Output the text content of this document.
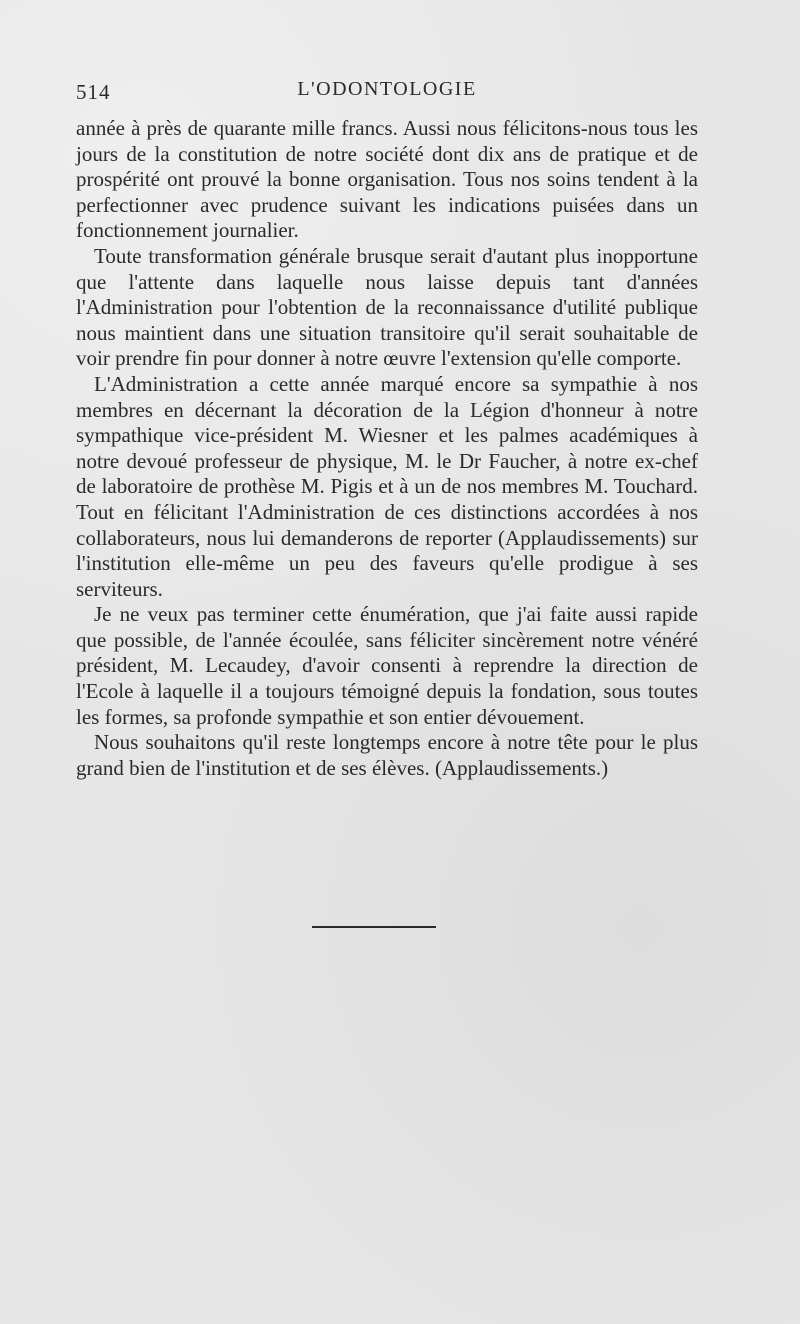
514	L'ODONTOLOGIE

année à près de quarante mille francs. Aussi nous félicitons-nous tous les jours de la constitution de notre société dont dix ans de pratique et de prospérité ont prouvé la bonne organisation. Tous nos soins tendent à la perfectionner avec prudence suivant les indications puisées dans un fonctionnement journalier.

Toute transformation générale brusque serait d'autant plus inopportune que l'attente dans laquelle nous laisse depuis tant d'années l'Administration pour l'obtention de la reconnaissance d'utilité publique nous maintient dans une situation transitoire qu'il serait souhaitable de voir prendre fin pour donner à notre œuvre l'extension qu'elle comporte.

L'Administration a cette année marqué encore sa sympathie à nos membres en décernant la décoration de la Légion d'honneur à notre sympathique vice-président M. Wiesner et les palmes académiques à notre devoué professeur de physique, M. le Dr Faucher, à notre ex-chef de laboratoire de prothèse M. Pigis et à un de nos membres M. Touchard. Tout en félicitant l'Administration de ces distinctions accordées à nos collaborateurs, nous lui demanderons de reporter (Applaudissements) sur l'institution elle-même un peu des faveurs qu'elle prodigue à ses serviteurs.

Je ne veux pas terminer cette énumération, que j'ai faite aussi rapide que possible, de l'année écoulée, sans féliciter sincèrement notre vénéré président, M. Lecaudey, d'avoir consenti à reprendre la direction de l'Ecole à laquelle il a toujours témoigné depuis la fondation, sous toutes les formes, sa profonde sympathie et son entier dévouement.

Nous souhaitons qu'il reste longtemps encore à notre tête pour le plus grand bien de l'institution et de ses élèves. (Applaudissements.)
